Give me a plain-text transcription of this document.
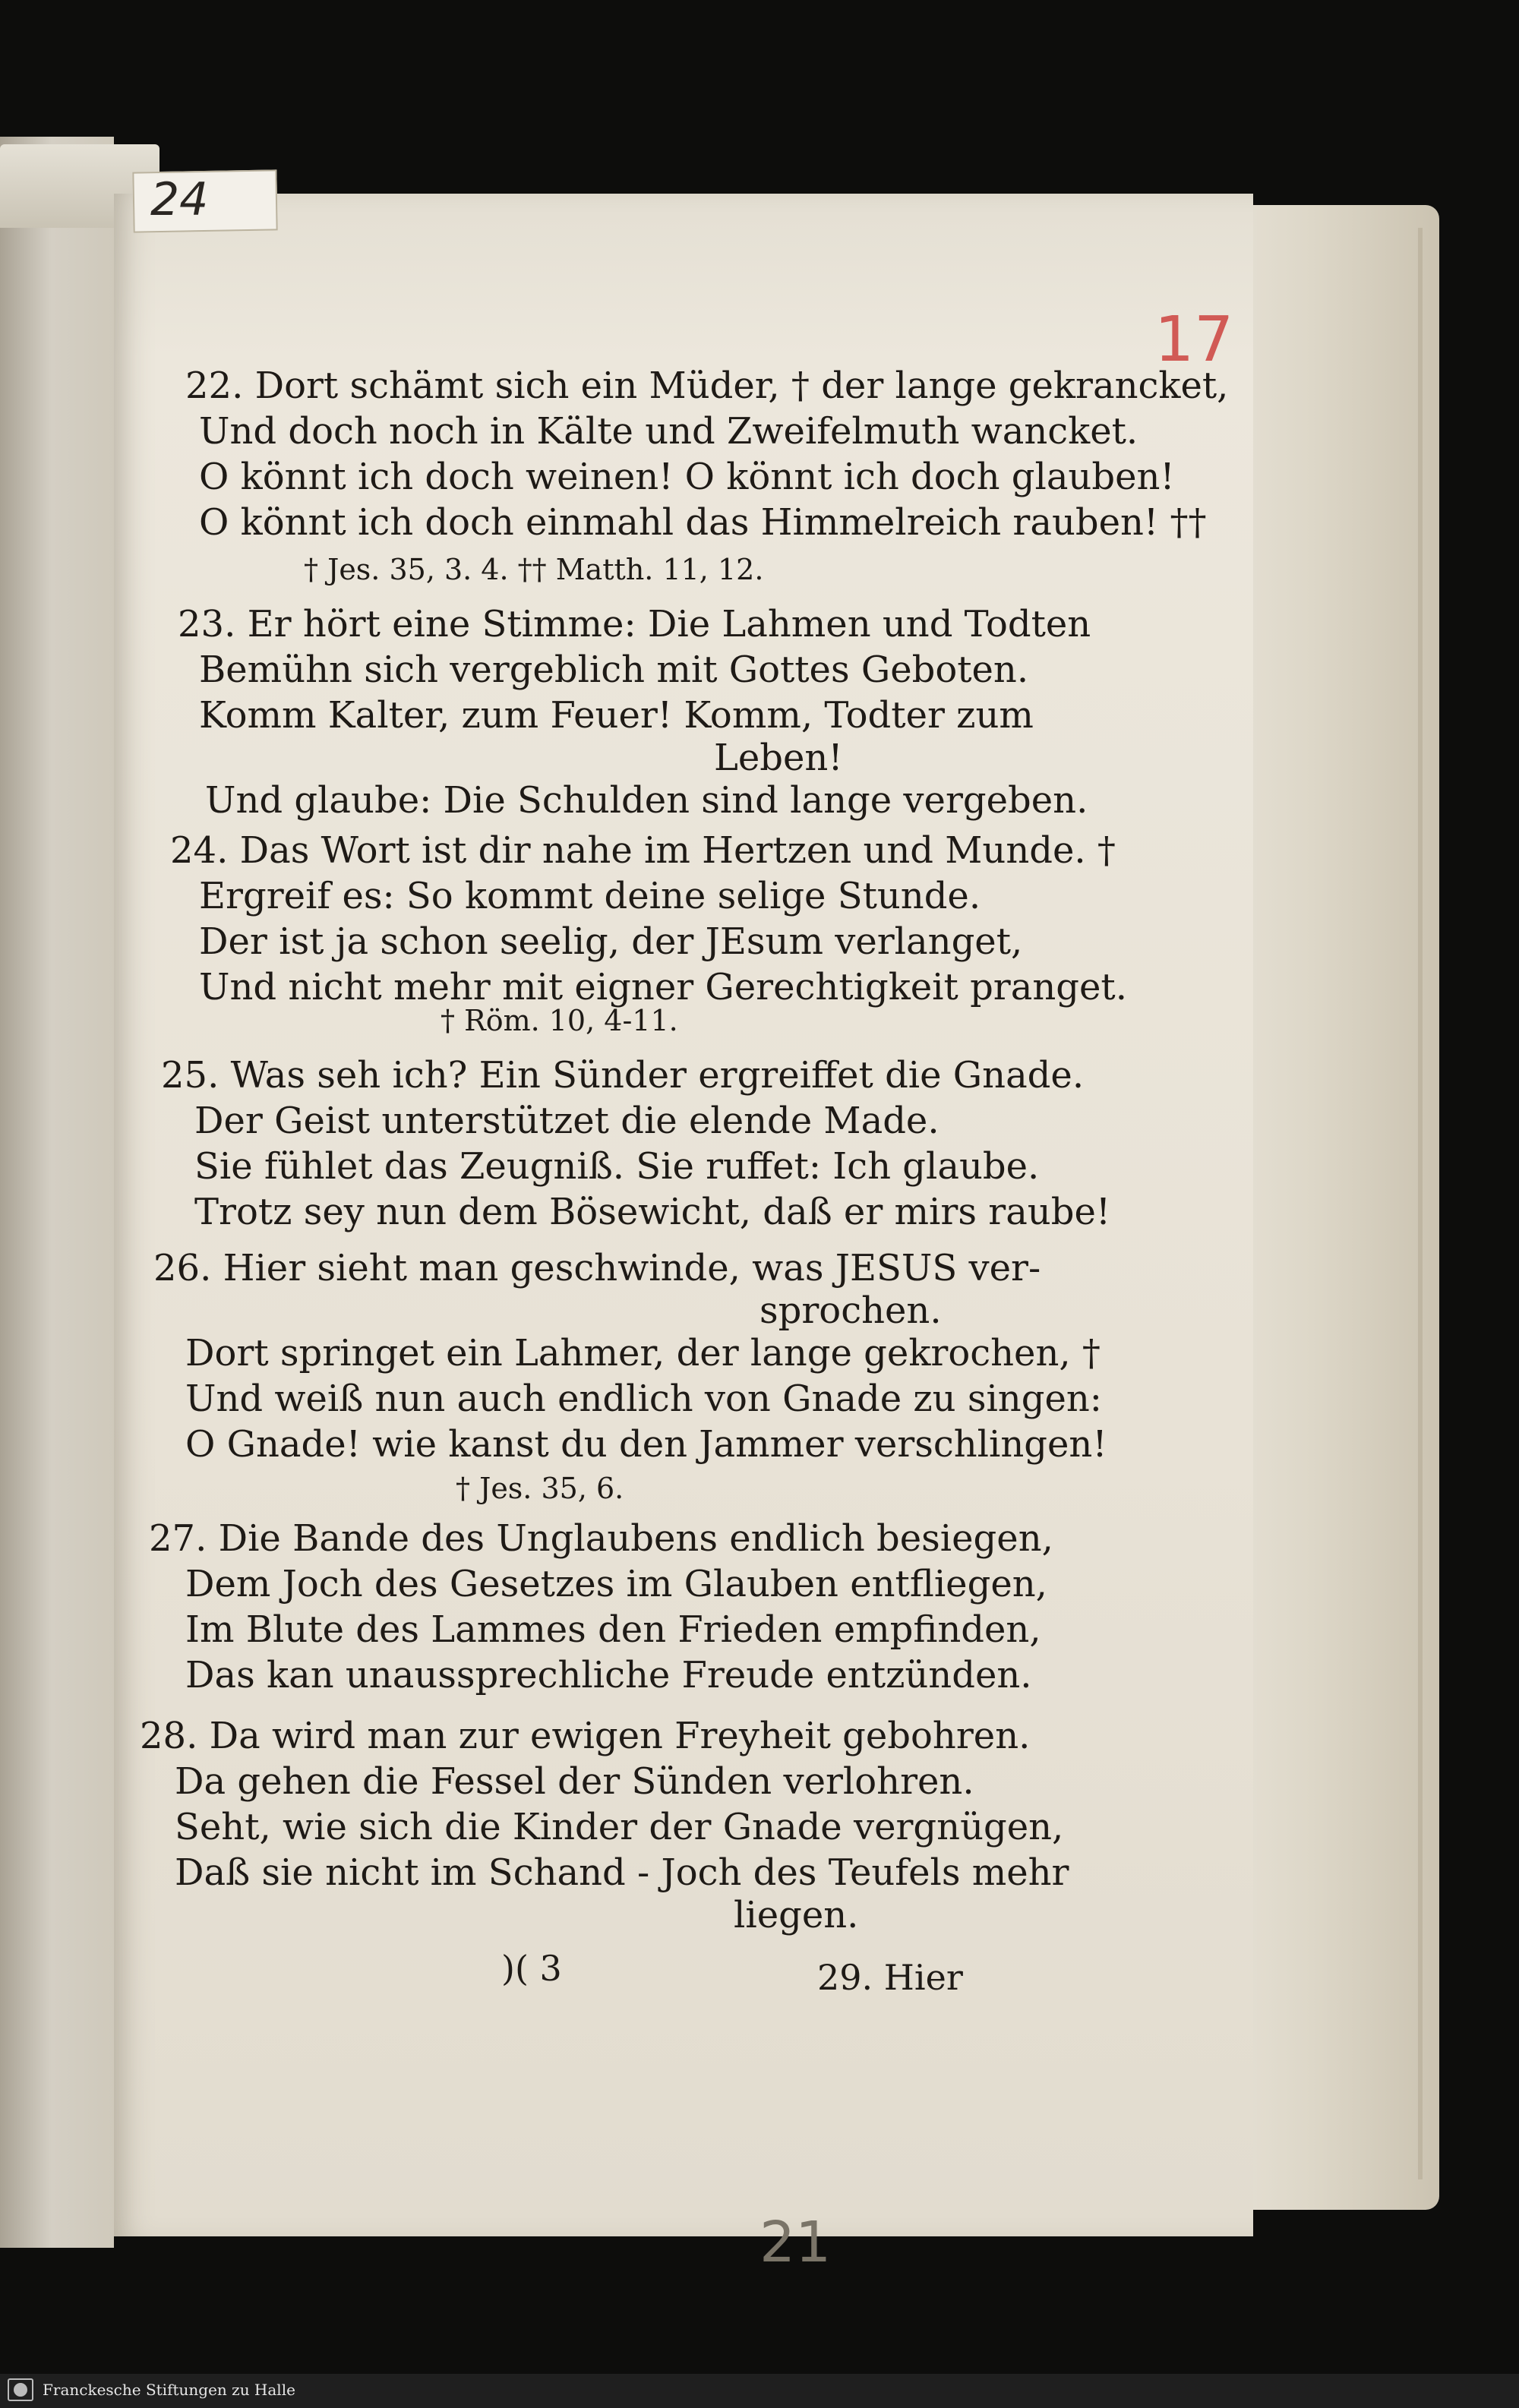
24
17

22. Dort schämt sich ein Müder, † der lange gekrancket,

Und doch noch in Kälte und Zweifelmuth wancket.

O könnt ich doch weinen! O könnt ich doch glauben!

O könnt ich doch einmahl das Himmelreich rauben! ††

† Jes. 35, 3. 4. †† Matth. 11, 12.

23. Er hört eine Stimme: Die Lahmen und Todten

Bemühn sich vergeblich mit Gottes Geboten.

Komm Kalter, zum Feuer! Komm, Todter zum

Leben!

Und glaube: Die Schulden sind lange vergeben.

24. Das Wort ist dir nahe im Hertzen und Munde. †

Ergreif es: So kommt deine selige Stunde.

Der ist ja schon seelig, der JEsum verlanget,

Und nicht mehr mit eigner Gerechtigkeit pranget.

† Röm. 10, 4-11.

25. Was seh ich? Ein Sünder ergreiffet die Gnade.

Der Geist unterstützet die elende Made.

Sie fühlet das Zeugniß. Sie ruffet: Ich glaube.

Trotz sey nun dem Bösewicht, daß er mirs raube!

26. Hier sieht man geschwinde, was JESUS ver-

sprochen.

Dort springet ein Lahmer, der lange gekrochen, †

Und weiß nun auch endlich von Gnade zu singen:

O Gnade! wie kanst du den Jammer verschlingen!

† Jes. 35, 6.

27. Die Bande des Unglaubens endlich besiegen,

Dem Joch des Gesetzes im Glauben entfliegen,

Im Blute des Lammes den Frieden empfinden,

Das kan unaussprechliche Freude entzünden.

28. Da wird man zur ewigen Freyheit gebohren.

Da gehen die Fessel der Sünden verlohren.

Seht, wie sich die Kinder der Gnade vergnügen,

Daß sie nicht im Schand - Joch des Teufels mehr

liegen.

)( 3	29. Hier

21
Franckesche Stiftungen zu Halle
